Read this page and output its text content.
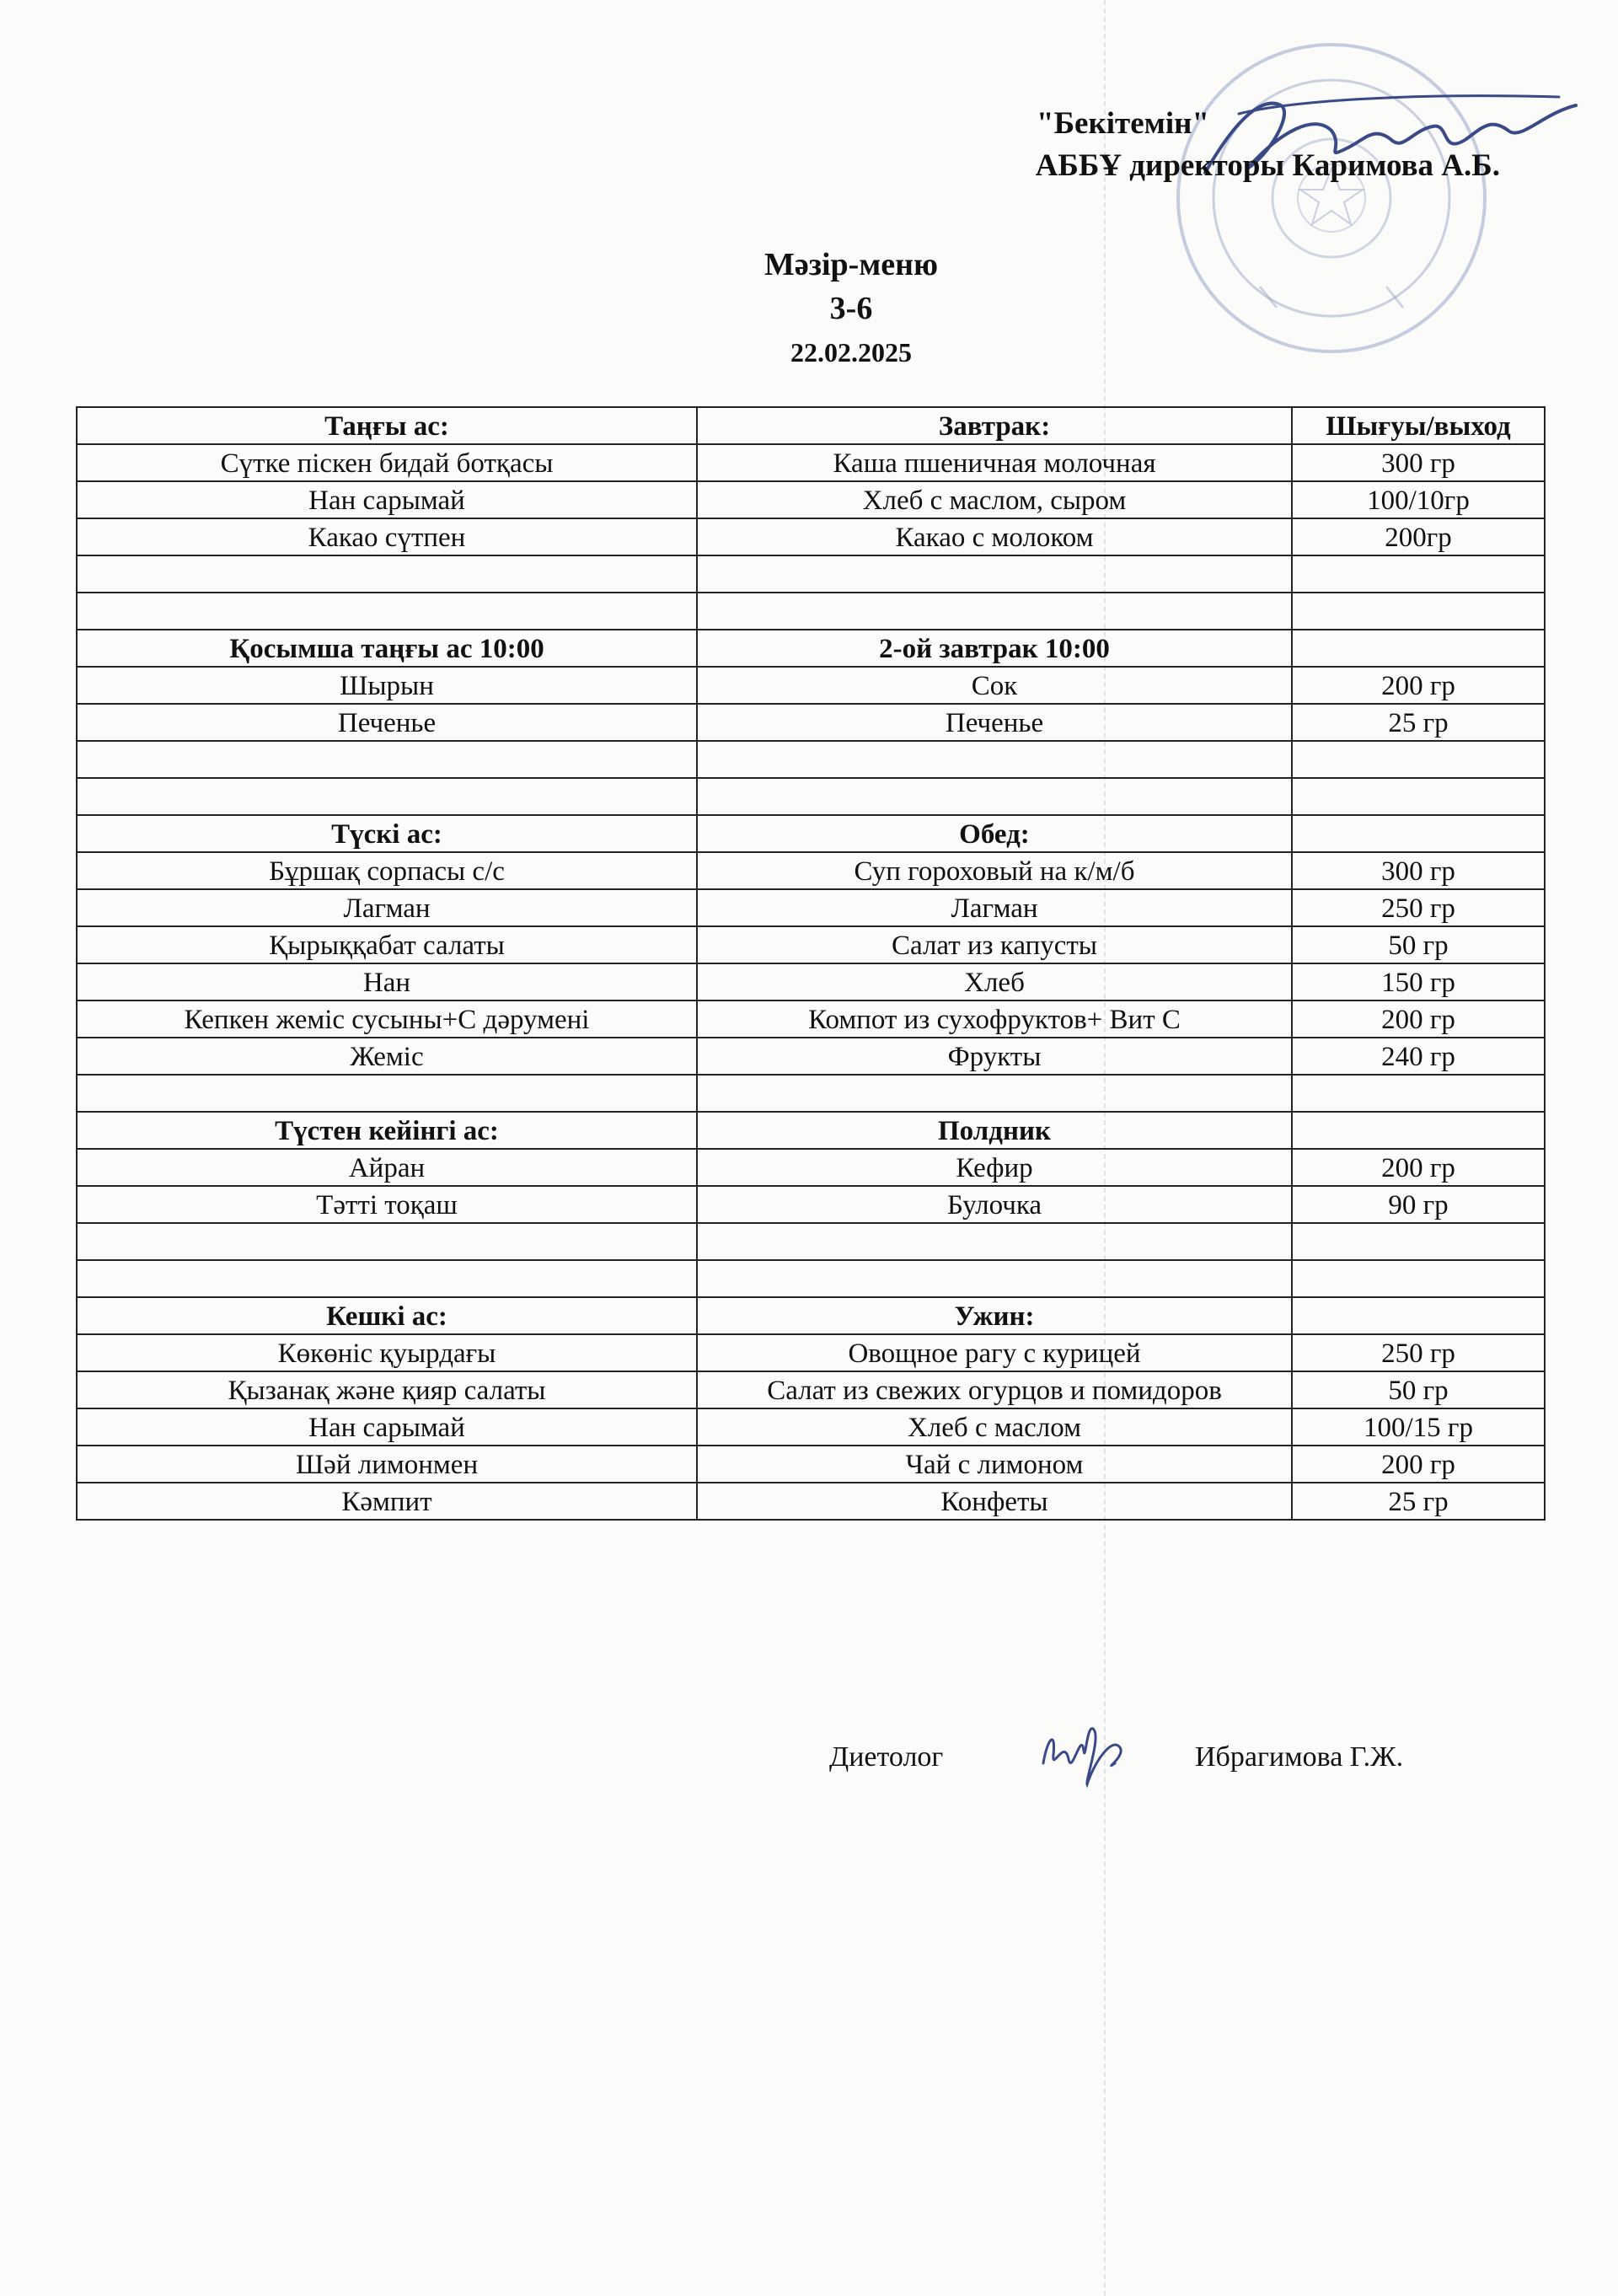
"Бекітемін"
АББҰ директоры Каримова А.Б.
Мәзір-меню
3-6
22.02.2025
Таңғы ас:	Завтрак:	Шығуы/выход
Сүтке піскен бидай ботқасы	Каша пшеничная молочная	300 гр
Нан сарымай	Хлеб с маслом, сыром	100/10гр
Какао сүтпен	Какао с молоком	200гр

Қосымша таңғы ас 10:00	2-ой завтрак 10:00	
Шырын	Сок	200 гр
Печенье	Печенье	25 гр

Түскі ас:	Обед:	
Бұршақ сорпасы с/с	Суп гороховый на к/м/б	300 гр
Лагман	Лагман	250 гр
Қырыққабат салаты	Салат из капусты	50 гр
Нан	Хлеб	150 гр
Кепкен жеміс сусыны+С дәрумені	Компот из сухофруктов+ Вит С	200 гр
Жеміс	Фрукты	240 гр

Түстен кейінгі ас:	Полдник	
Айран	Кефир	200 гр
Тәтті тоқаш	Булочка	90 гр

Кешкі ас:	Ужин:	
Көкөніс қуырдағы	Овощное рагу с курицей	250 гр
Қызанақ және қияр салаты	Салат из свежих огурцов и помидоров	50 гр
Нан сарымай	Хлеб с маслом	100/15 гр
Шәй лимонмен	Чай с лимоном	200 гр
Кәмпит	Конфеты	25 гр
Диетолог	Ибрагимова Г.Ж.
